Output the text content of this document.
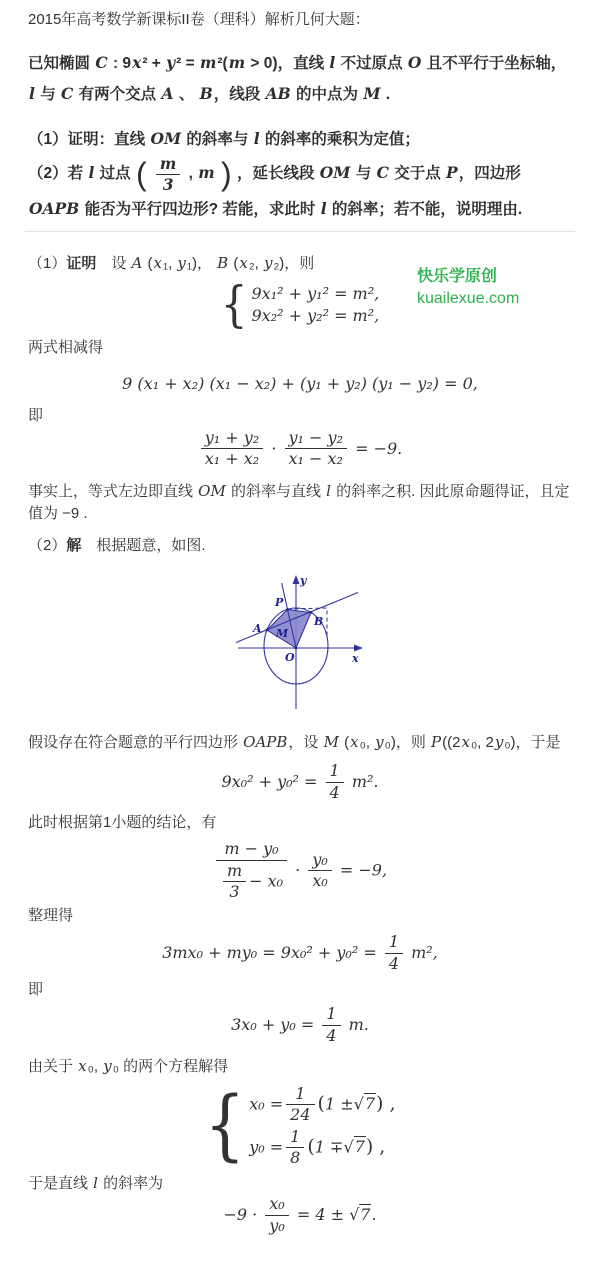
2015年高考数学新课标II卷（理科）解析几何大题：

已知椭圆 C : 9x² + y² = m²(m > 0)，直线 l 不过原点 O 且不平行于坐标轴，l 与 C 有两个交点 A 、 B，线段 AB 的中点为 M .

（1）证明：直线 OM 的斜率与 l 的斜率的乘积为定值；

（2）若 l 过点 ( $\frac{m}{3}$ , m ) ，延长线段 OM 与 C 交于点 P，四边形 OAPB 能否为平行四边形? 若能，求此时 l 的斜率；若不能，说明理由.

快乐学原创
kuailexue.com

（1）证明　设 A (x₁, y₁)， B (x₂, y₂)，则

{ 9x₁² + y₁² = m²,
9x₂² + y₂² = m²,

两式相减得

9 (x₁ + x₂) (x₁ − x₂) + (y₁ + y₂) (y₁ − y₂) = 0,

即

$\frac{\text{y₁ + y₂}}{\text{x₁ + x₂}} \cdot \frac{\text{y₁ − y₂}}{\text{x₁ − x₂}} = -9$.

事实上，等式左边即直线 OM 的斜率与直线 l 的斜率之积. 因此原命题得证，且定值为 −9 .

（2）解　根据题意，如图.

y
x
O
P
A
B
M

假设存在符合题意的平行四边形 OAPB，设 M (x₀, y₀)，则 P((2x₀, 2y₀)，于是

$9x_0^2 + y_0^2 = \frac{1}{4} m^2$.

此时根据第1小题的结论，有

$\frac{\text{m − y₀}}{\frac{m}{3} - x_0} \cdot \frac{\text{y₀}}{\text{x₀}} = -9$,

整理得

$3mx_0 + my_0 = 9x_0^2 + y_0^2 = \frac{1}{4} m^2$,

即

$3x_0 + y_0 = \frac{1}{4} m$.

由关于 x₀, y₀ 的两个方程解得

{ $x_0 = \frac{1}{24} (1 \pm√7)$ ,
$y_0 = \frac{1}{8} (1 \mp√7)$ ,

于是直线 l 的斜率为

$-9 \cdot \frac{\text{x₀}}{\text{y₀}} = 4 \pm √7$.
